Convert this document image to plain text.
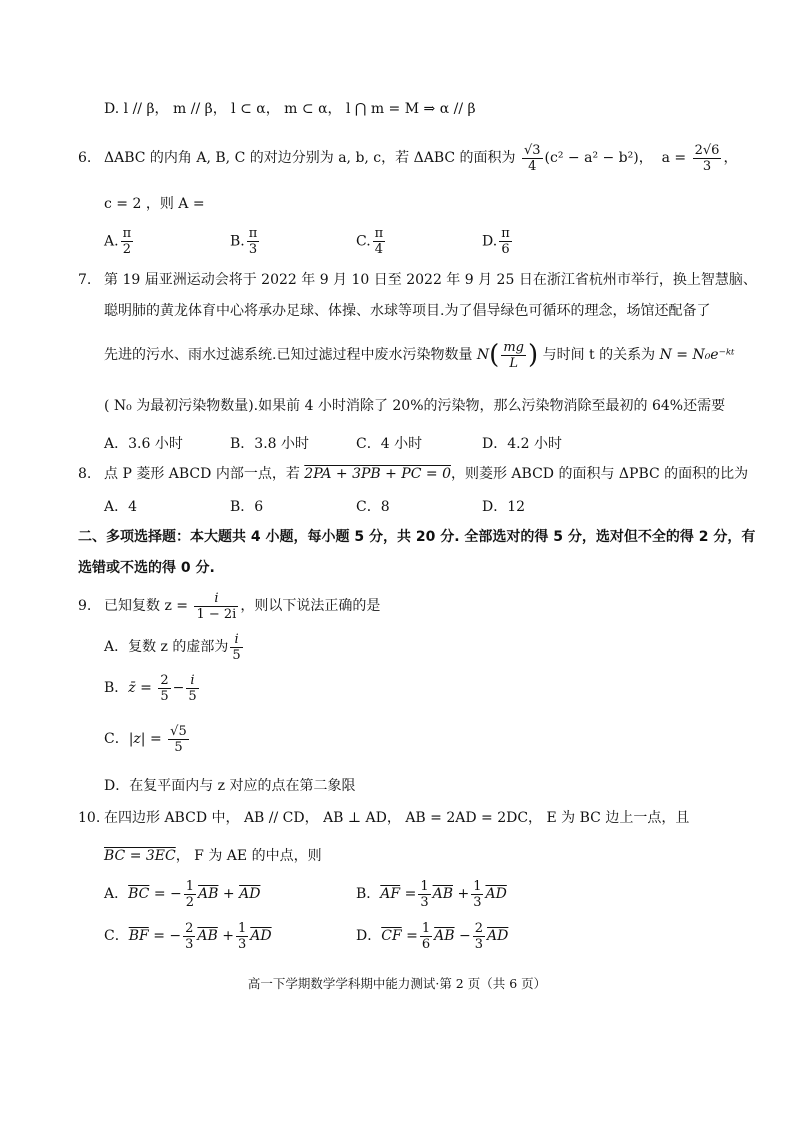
D. l // β， m // β， l ⊂ α， m ⊂ α， l ⋂ m = M ⇒ α // β
6. ΔABC 的内角 A, B, C 的对边分别为 a, b, c，若 ΔABC 的面积为 $\frac{√3}{4} (c^2 - a^2 - b^2)$， $a = \frac{2√6}{3}$ ，
c = 2 ，则 A =
A. $\frac{\pi}{2}$	B. $\frac{\pi}{3}$	C. $\frac{\pi}{4}$	D. $\frac{\pi}{6}$
7. 第 19 届亚洲运动会将于 2022 年 9 月 10 日至 2022 年 9 月 25 日在浙江省杭州市举行，换上智慧脑、
聪明肺的黄龙体育中心将承办足球、体操、水球等项目.为了倡导绿色可循环的理念，场馆还配备了
先进的污水、雨水过滤系统.已知过滤过程中废水污染物数量 $N( \frac{mg}{L}$ ) 与时间 t 的关系为 N = N₀e⁻ᵏᵗ
( N₀ 为最初污染物数量).如果前 4 小时消除了 20%的污染物，那么污染物消除至最初的 64%还需要
A．3.6 小时	B．3.8 小时	C．4 小时	D．4.2 小时
8. 点 P 菱形 ABCD 内部一点，若 2PA + 3PB + PC = 0，则菱形 ABCD 的面积与 ΔPBC 的面积的比为
A．4	B．6	C．8	D．12
二、多项选择题：本大题共 4 小题，每小题 5 分，共 20 分. 全部选对的得 5 分，选对但不全的得 2 分，有
选错或不选的得 0 分.
9. 已知复数 $z = \frac{i}{1 - 2i}$ ，则以下说法正确的是
A．复数 z 的虚部为 $\frac{i}{5}$
B．z̄ = $\frac{2}{5} - \frac{i}{5}$
C．$|z| = \frac{√5}{5}$
D．在复平面内与 z 对应的点在第二象限
10. 在四边形 ABCD 中， AB // CD， AB ⊥ AD， AB = 2AD = 2DC， E 为 BC 边上一点，且
BC = 3EC， F 为 AE 的中点，则
A．$\overline{BC}$ = − $\frac{1}{2} \overline{AB} + \overline{AD}$	B．$\overline{AF} = \frac{1}{3} \overline{AB} + \frac{1}{3} \overline{AD}$
C．$\overline{BF}$ = − $\frac{2}{3} \overline{AB} + \frac{1}{3} \overline{AD}$	D．$\overline{CF} = \frac{1}{6} \overline{AB} - \frac{2}{3} \overline{AD}$
高一下学期数学学科期中能力测试·第 2 页（共 6 页）
